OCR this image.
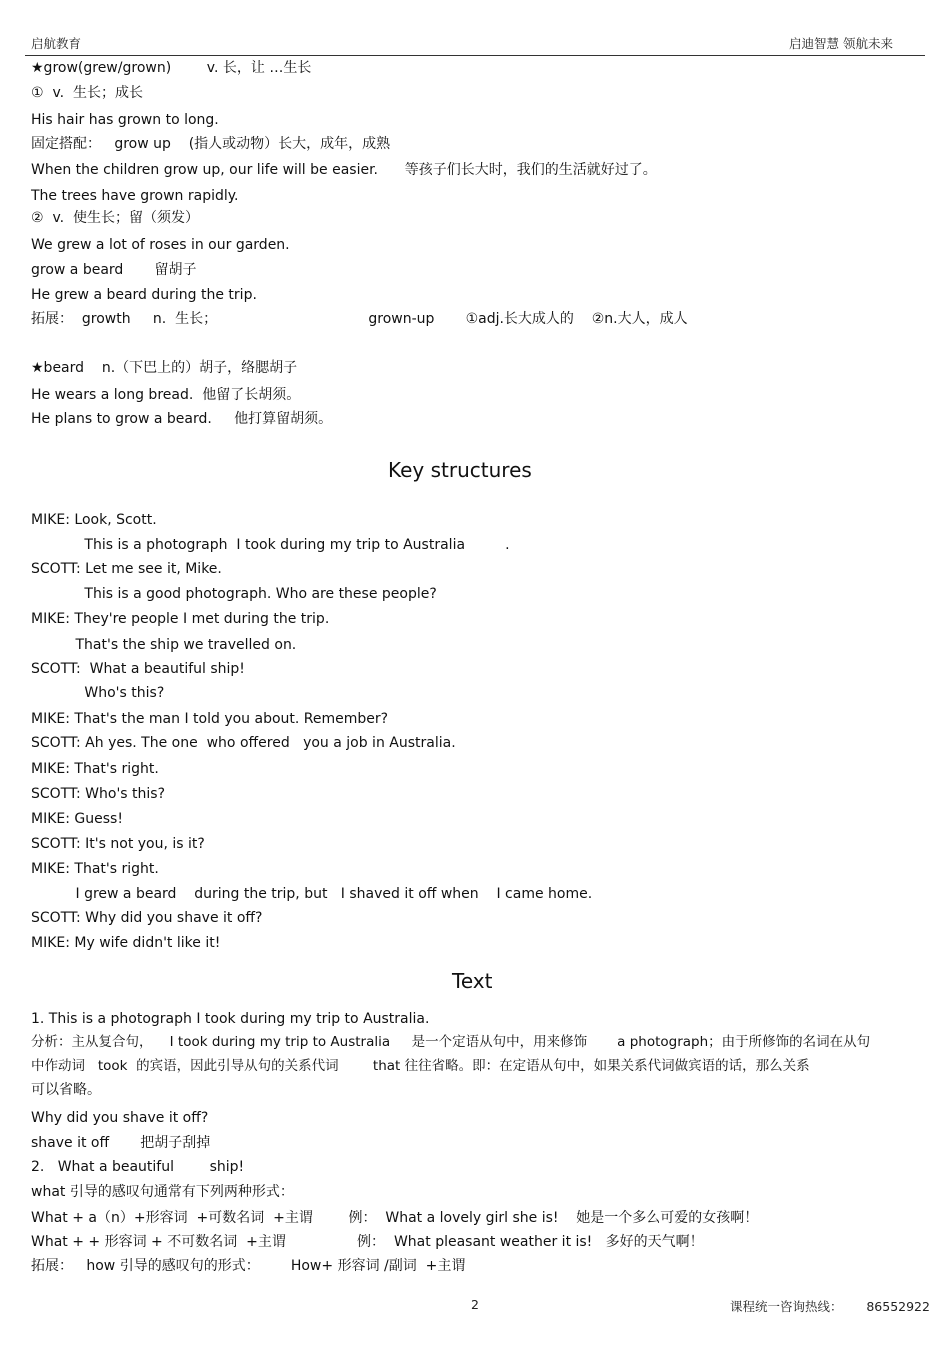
启航教育	启迪智慧 领航未来
★grow(grew/grown)        v. 长，让 …生长
①  v.  生长；成长
His hair has grown to long.
固定搭配：   grow up    (指人或动物）长大，成年，成熟
When the children grow up, our life will be easier.      等孩子们长大时，我们的生活就好过了。
The trees have grown rapidly.
②  v.  使生长；留（须发）
We grew a lot of roses in our garden.
grow a beard       留胡子
He grew a beard during the trip.
拓展：  growth     n.  生长；                                  grown-up       ①adj.长大成人的    ②n.大人，成人
★beard    n.（下巴上的）胡子，络腮胡子
He wears a long bread.  他留了长胡须。
He plans to grow a beard.     他打算留胡须。
Key structures
MIKE: Look, Scott.
This is a photograph  I took during my trip to Australia         .
SCOTT: Let me see it, Mike.
This is a good photograph. Who are these people?
MIKE: They're people I met during the trip.
That's the ship we travelled on.
SCOTT:  What a beautiful ship!
Who's this?
MIKE: That's the man I told you about. Remember?
SCOTT: Ah yes. The one  who offered   you a job in Australia.
MIKE: That's right.
SCOTT: Who's this?
MIKE: Guess!
SCOTT: It's not you, is it?
MIKE: That's right.
I grew a beard    during the trip, but   I shaved it off when    I came home.
SCOTT: Why did you shave it off?
MIKE: My wife didn't like it!
Text
1. This is a photograph I took during my trip to Australia.
分析：主从复合句，    I took during my trip to Australia     是一个定语从句中，用来修饰       a photograph；由于所修饰的名词在从句
中作动词   took  的宾语，因此引导从句的关系代词        that 往往省略。即：在定语从句中，如果关系代词做宾语的话，那么关系
可以省略。
Why did you shave it off?
shave it off       把胡子刮掉
2.   What a beautiful        ship!
what 引导的感叹句通常有下列两种形式：
What + a（n）+形容词  +可数名词  +主谓        例：  What a lovely girl she is!    她是一个多么可爱的女孩啊！
What + + 形容词 + 不可数名词  +主谓                例：  What pleasant weather it is!   多好的天气啊！
拓展：   how 引导的感叹句的形式：       How+ 形容词 /副词  +主谓
2	课程统一咨询热线：      86552922
